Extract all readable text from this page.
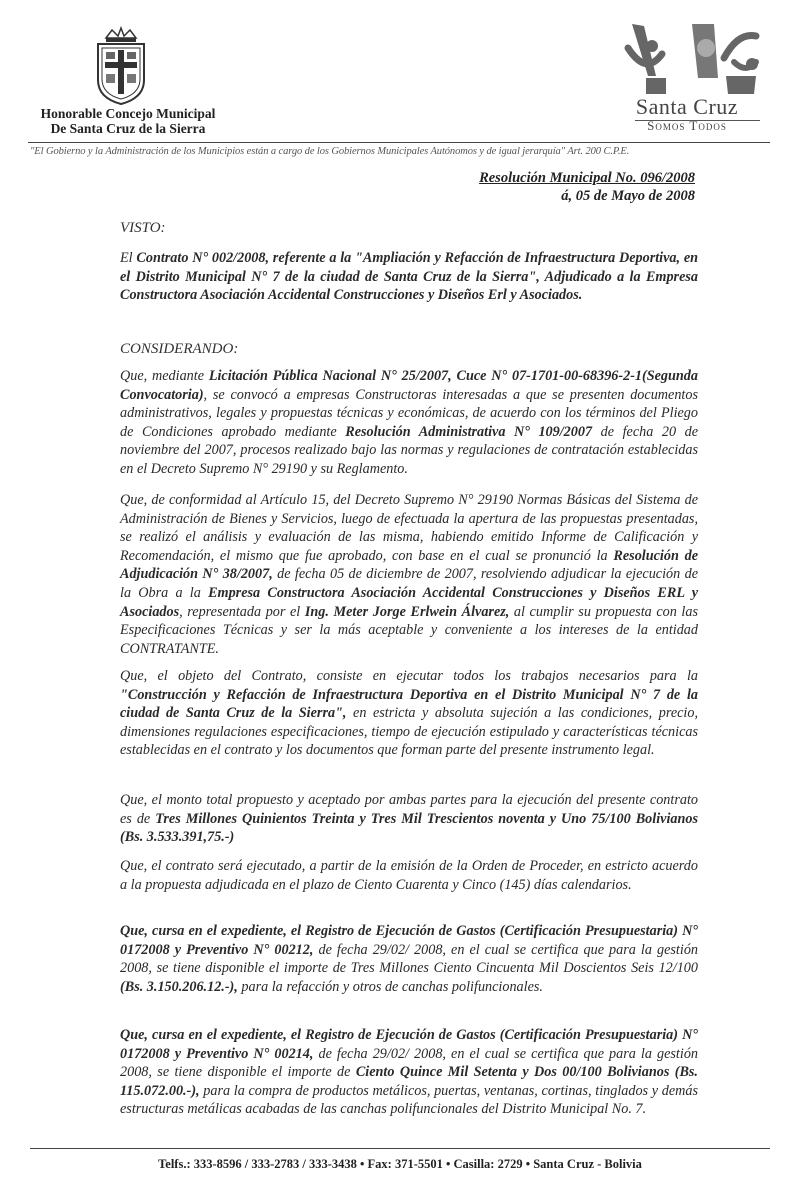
Honorable Concejo Municipal
De Santa Cruz de la Sierra
Santa Cruz
Somos Todos
"El Gobierno y la Administración de los Municipios están a cargo de los Gobiernos Municipales Autónomos y de igual jerarquía" Art. 200 C.P.E.
Resolución Municipal No. 096/2008
á, 05 de Mayo de 2008
VISTO:
El Contrato N° 002/2008, referente a la "Ampliación y Refacción de Infraestructura Deportiva, en el Distrito Municipal N° 7 de la ciudad de Santa Cruz de la Sierra", Adjudicado a la Empresa Constructora Asociación Accidental Construcciones y Diseños Erl y Asociados.
CONSIDERANDO:
Que, mediante Licitación Pública Nacional N° 25/2007, Cuce N° 07-1701-00-68396-2-1(Segunda Convocatoria), se convocó a empresas Constructoras interesadas a que se presenten documentos administrativos, legales y propuestas técnicas y económicas, de acuerdo con los términos del Pliego de Condiciones aprobado mediante Resolución Administrativa N° 109/2007 de fecha 20 de noviembre del 2007, procesos realizado bajo las normas y regulaciones de contratación establecidas en el Decreto Supremo N° 29190 y su Reglamento.
Que, de conformidad al Artículo 15, del Decreto Supremo N° 29190 Normas Básicas del Sistema de Administración de Bienes y Servicios, luego de efectuada la apertura de las propuestas presentadas, se realizó el análisis y evaluación de las misma, habiendo emitido Informe de Calificación y Recomendación, el mismo que fue aprobado, con base en el cual se pronunció la Resolución de Adjudicación N° 38/2007, de fecha 05 de diciembre de 2007, resolviendo adjudicar la ejecución de la Obra a la Empresa Constructora Asociación Accidental Construcciones y Diseños ERL y Asociados, representada por el Ing. Meter Jorge Erlwein Álvarez, al cumplir su propuesta con las Especificaciones Técnicas y ser la más aceptable y conveniente a los intereses de la entidad CONTRATANTE.
Que, el objeto del Contrato, consiste en ejecutar todos los trabajos necesarios para la "Construcción y Refacción de Infraestructura Deportiva en el Distrito Municipal N° 7 de la ciudad de Santa Cruz de la Sierra", en estricta y absoluta sujeción a las condiciones, precio, dimensiones regulaciones especificaciones, tiempo de ejecución estipulado y características técnicas establecidas en el contrato y los documentos que forman parte del presente instrumento legal.
Que, el monto total propuesto y aceptado por ambas partes para la ejecución del presente contrato es de Tres Millones Quinientos Treinta y Tres Mil Trescientos noventa y Uno 75/100 Bolivianos (Bs. 3.533.391,75.-)
Que, el contrato será ejecutado, a partir de la emisión de la Orden de Proceder, en estricto acuerdo a la propuesta adjudicada en el plazo de Ciento Cuarenta y Cinco (145) días calendarios.
Que, cursa en el expediente, el Registro de Ejecución de Gastos (Certificación Presupuestaria) N° 0172008 y Preventivo N° 00212, de fecha 29/02/ 2008, en el cual se certifica que para la gestión 2008, se tiene disponible el importe de Tres Millones Ciento Cincuenta Mil Doscientos Seis 12/100 (Bs. 3.150.206.12.-), para la refacción y otros de canchas polifuncionales.
Que, cursa en el expediente, el Registro de Ejecución de Gastos (Certificación Presupuestaria) N° 0172008 y Preventivo N° 00214, de fecha 29/02/ 2008, en el cual se certifica que para la gestión 2008, se tiene disponible el importe de Ciento Quince Mil Setenta y Dos 00/100 Bolivianos (Bs. 115.072.00.-), para la compra de productos metálicos, puertas, ventanas, cortinas, tinglados y demás estructuras metálicas acabadas de las canchas polifuncionales del Distrito Municipal No. 7.
Telfs.: 333-8596 / 333-2783 / 333-3438 • Fax: 371-5501 • Casilla: 2729 • Santa Cruz - Bolivia
